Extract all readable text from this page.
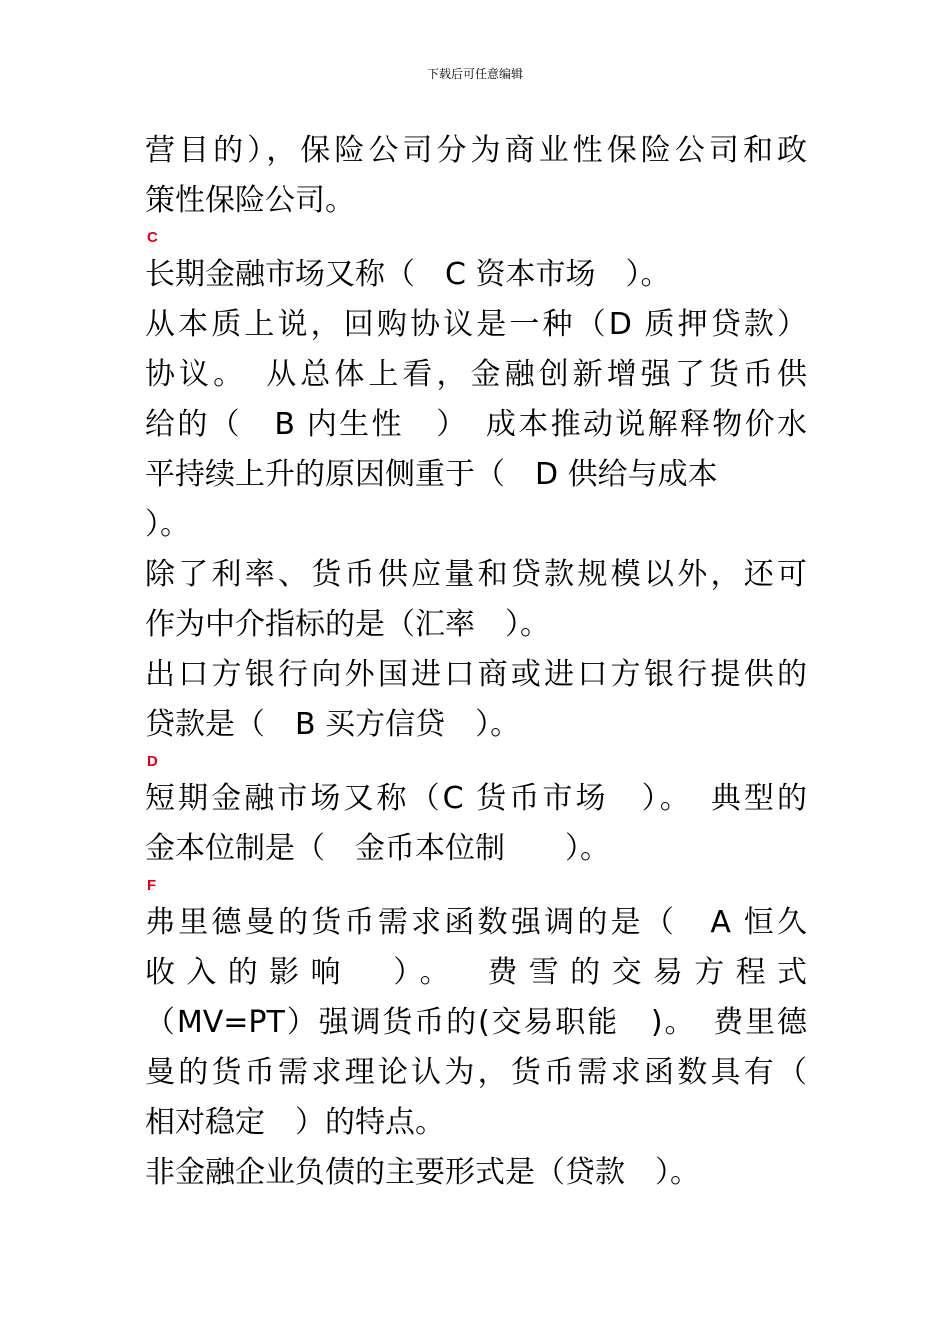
下载后可任意编辑
营目的），保险公司分为商业性保险公司和政
策性保险公司。
C
长期金融市场又称（　C 资本市场　）。
从本质上说，回购协议是一种（D 质押贷款）
协议。　从总体上看，金融创新增强了货币供
给的（　B 内生性　）　成本推动说解释物价水
平持续上升的原因侧重于（　D 供给与成本
）。
除了利率、货币供应量和贷款规模以外，还可
作为中介指标的是（汇率　）。
出口方银行向外国进口商或进口方银行提供的
贷款是（　B 买方信贷　）。
D
短期金融市场又称（C 货币市场　）。　典型的
金本位制是（　金币本位制　　）。
F
弗里德曼的货币需求函数强调的是（　A 恒久
收入的影响　）。　费雪的交易方程式
（MV=PT）强调货币的(交易职能　)。　费里德
曼的货币需求理论认为，货币需求函数具有（
相对稳定　）的特点。
非金融企业负债的主要形式是（贷款　）。
